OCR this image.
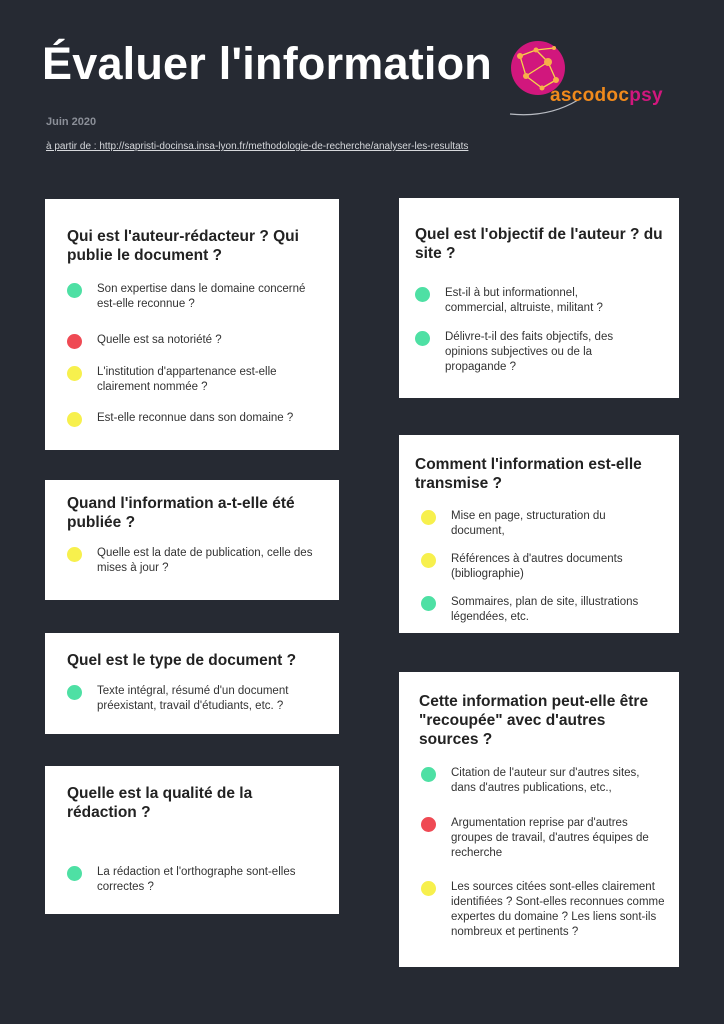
Évaluer l'information
Juin 2020
à partir de : http://sapristi-docinsa.insa-lyon.fr/methodologie-de-recherche/analyser-les-resultats
ascodocpsy
Qui est l'auteur-rédacteur ? Qui publie le document ?
Son expertise dans le domaine concerné est-elle reconnue ?
Quelle est sa notoriété ?
L'institution d'appartenance est-elle clairement nommée ?
Est-elle reconnue dans son domaine ?
Quand l'information a-t-elle été publiée ?
Quelle est la date de publication, celle des mises à jour ?
Quel est le type de document ?
Texte intégral, résumé d'un document préexistant, travail d'étudiants, etc. ?
Quelle est la qualité de la rédaction ?
La rédaction et l'orthographe sont-elles correctes ?
Quel est l'objectif de l'auteur ? du site ?
Est-il à but informationnel, commercial, altruiste, militant ?
Délivre-t-il des faits objectifs, des opinions subjectives ou de la propagande ?
Comment l'information est-elle transmise ?
Mise en page, structuration du document,
Références à d'autres documents (bibliographie)
Sommaires, plan de site, illustrations légendées, etc.
Cette information peut-elle être "recoupée" avec d'autres sources ?
Citation de l'auteur sur d'autres sites, dans d'autres publications, etc.,
Argumentation reprise par d'autres groupes de travail, d'autres équipes de recherche
Les sources citées sont-elles clairement identifiées ? Sont-elles reconnues comme expertes du domaine ? Les liens sont-ils nombreux et pertinents ?
